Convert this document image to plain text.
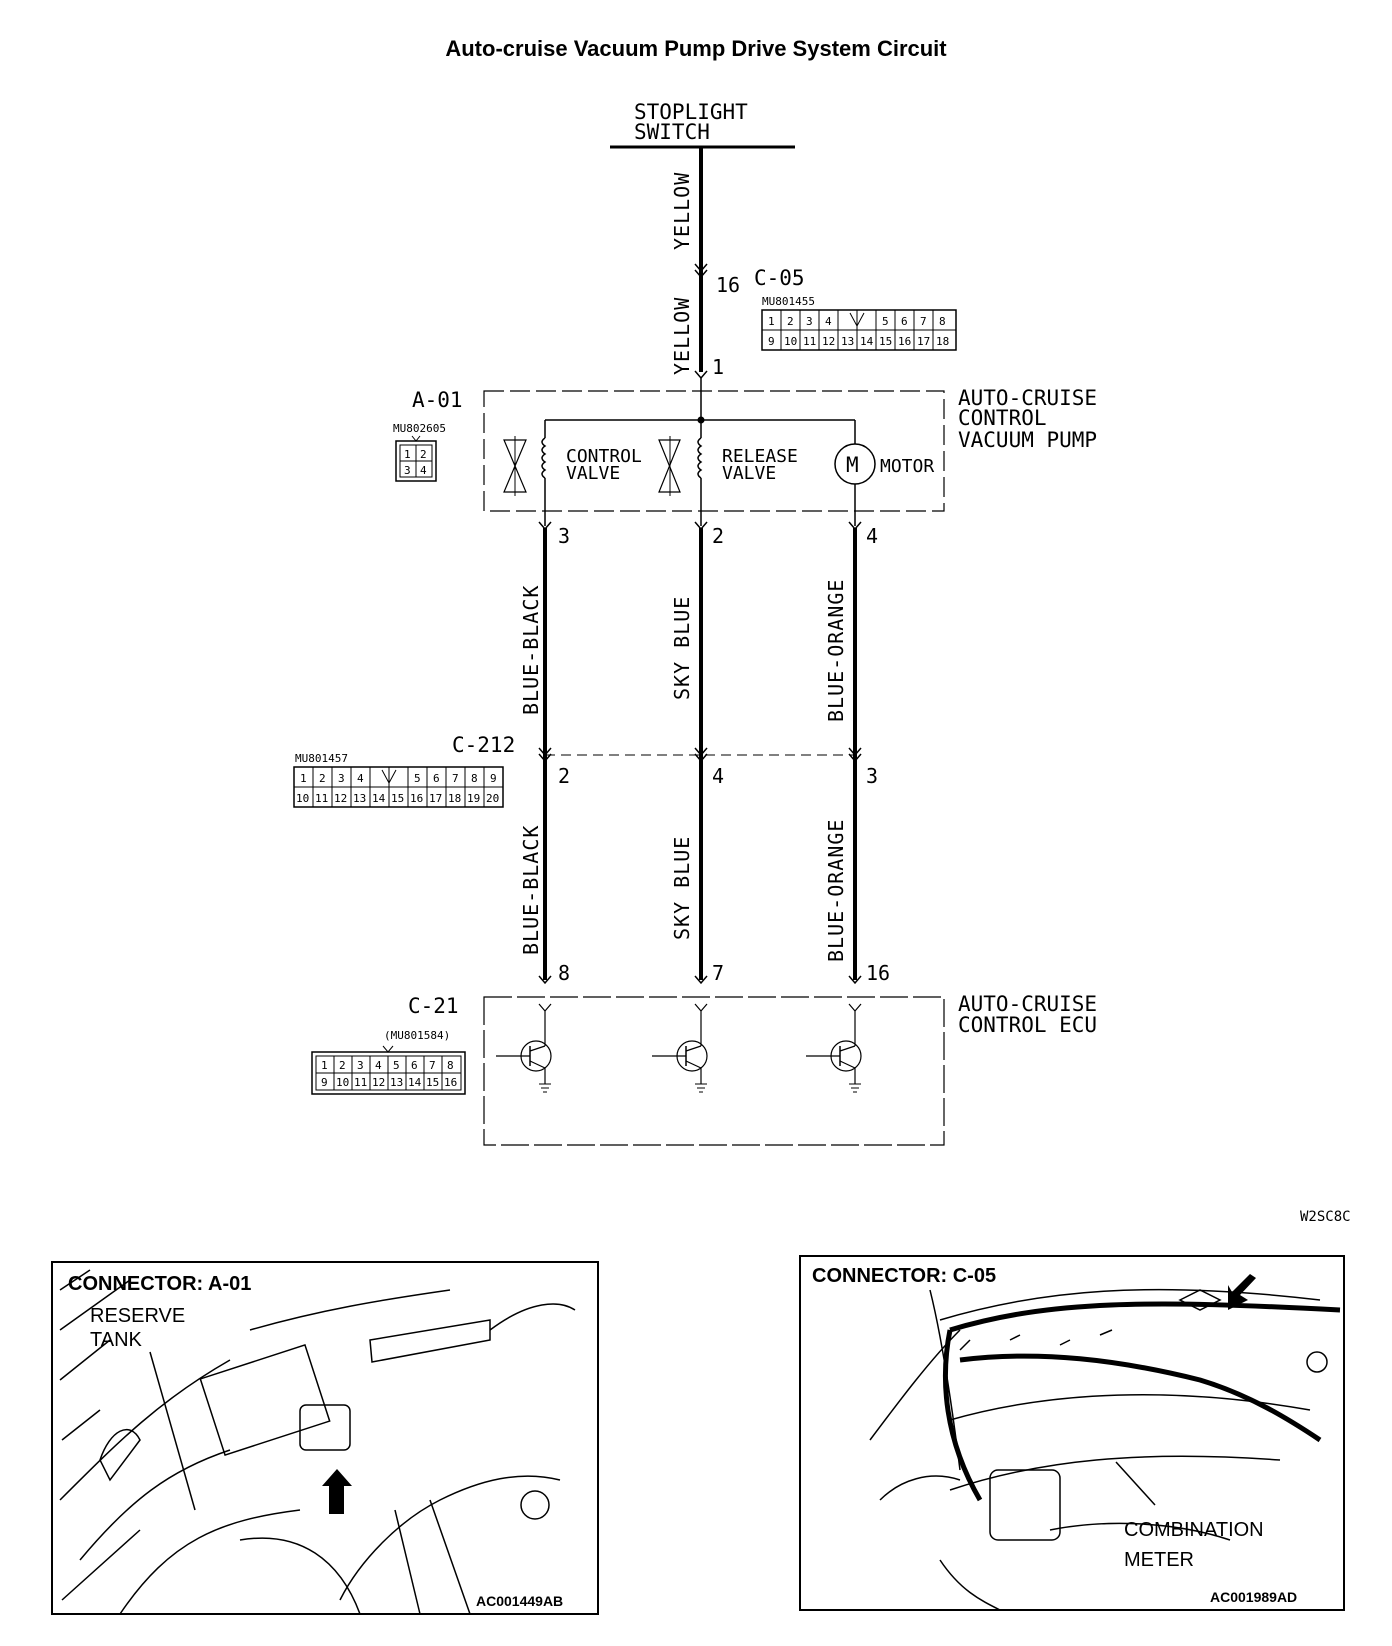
Auto-cruise Vacuum Pump Drive System Circuit
STOPLIGHT
SWITCH
YELLOW
YELLOW
16 C-05
MU801455
1 2 3 4	5 6 7 8
9 10 11 12 13 14 15 16 17 18
1
A-01
MU802605
1 2
3 4
AUTO-CRUISE
CONTROL
VACUUM PUMP
CONTROL
VALVE
RELEASE
VALVE	M MOTOR
3	2	4
BLUE-BLACK	SKY BLUE	BLUE-ORANGE
C-212
2	4	3
MU801457
1 2 3 4	5 6 7 8 9
10 11 12 13 14 15 16 17 18 19 20
BLUE-BLACK	SKY BLUE	BLUE-ORANGE
8	7	16
C-21
(MU801584)
1 2 3 4 5 6 7 8
9 10 11 12 13 14 15 16
AUTO-CRUISE
CONTROL ECU
W2SC8C
CONNECTOR: A-01
RESERVE
TANK
AC001449AB
CONNECTOR: C-05
COMBINATION
METER
AC001989AD
